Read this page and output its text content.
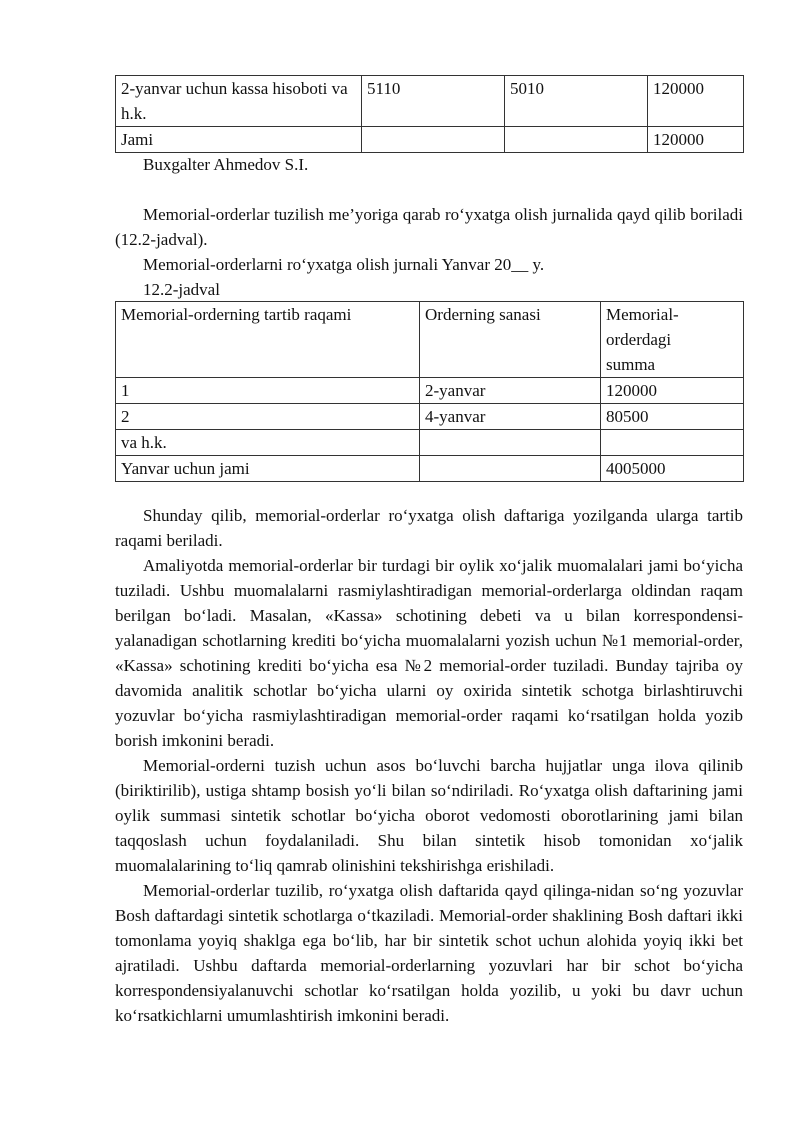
2-yanvar uchun kassa hisoboti va h.k.	5110	5010	120000
Jami			120000
Buxgalter Ahmedov S.I.

Memorial-orderlar tuzilish me’yoriga qarab ro‘yxatga olish jurnalida qayd qilib boriladi (12.2-jadval).

Memorial-orderlarni ro‘yxatga olish jurnali Yanvar 20__ y.
12.2-jadval
Memorial-orderning tartib raqami	Orderning sanasi	Memorial-orderdagi summa
1	2-yanvar	120000
2	4-yanvar	80500
va h.k.		
Yanvar uchun jami		4005000

Shunday qilib, memorial-orderlar ro‘yxatga olish daftariga yozilganda ularga tartib raqami beriladi.

Amaliyotda memorial-orderlar bir turdagi bir oylik xo‘jalik muomalalari jami bo‘yicha tuziladi. Ushbu muomalalarni rasmiylashtiradigan memorial-orderlarga oldindan raqam berilgan bo‘ladi. Masalan, «Kassa» schotining debeti va u bilan korrespondensi-yalanadigan schotlarning krediti bo‘yicha muomalalarni yozish uchun №1 memorial-order, «Kassa» schotining krediti bo‘yicha esa №2 memorial-order tuziladi. Bunday tajriba oy davomida analitik schotlar bo‘yicha ularni oy oxirida sintetik schotga birlashtiruvchi yozuvlar bo‘yicha rasmiylashtiradigan memorial-order raqami ko‘rsatilgan holda yozib borish imkonini beradi.

Memorial-orderni tuzish uchun asos bo‘luvchi barcha hujjatlar unga ilova qilinib (biriktirilib), ustiga shtamp bosish yo‘li bilan so‘ndiriladi. Ro‘yxatga olish daftarining jami oylik summasi sintetik schotlar bo‘yicha oborot vedomosti oborotlarining jami bilan taqqoslash uchun foydalaniladi. Shu bilan sintetik hisob tomonidan xo‘jalik muomalalarining to‘liq qamrab olinishini tekshirishga erishiladi.

Memorial-orderlar tuzilib, ro‘yxatga olish daftarida qayd qilinga-nidan so‘ng yozuvlar Bosh daftardagi sintetik schotlarga o‘tkaziladi. Memorial-order shaklining Bosh daftari ikki tomonlama yoyiq shaklga ega bo‘lib, har bir sintetik schot uchun alohida yoyiq ikki bet ajratiladi. Ushbu daftarda memorial-orderlarning yozuvlari har bir schot bo‘yicha korrespondensiyalanuvchi schotlar ko‘rsatilgan holda yozilib, u yoki bu davr uchun ko‘rsatkichlarni umumlashtirish imkonini beradi.
